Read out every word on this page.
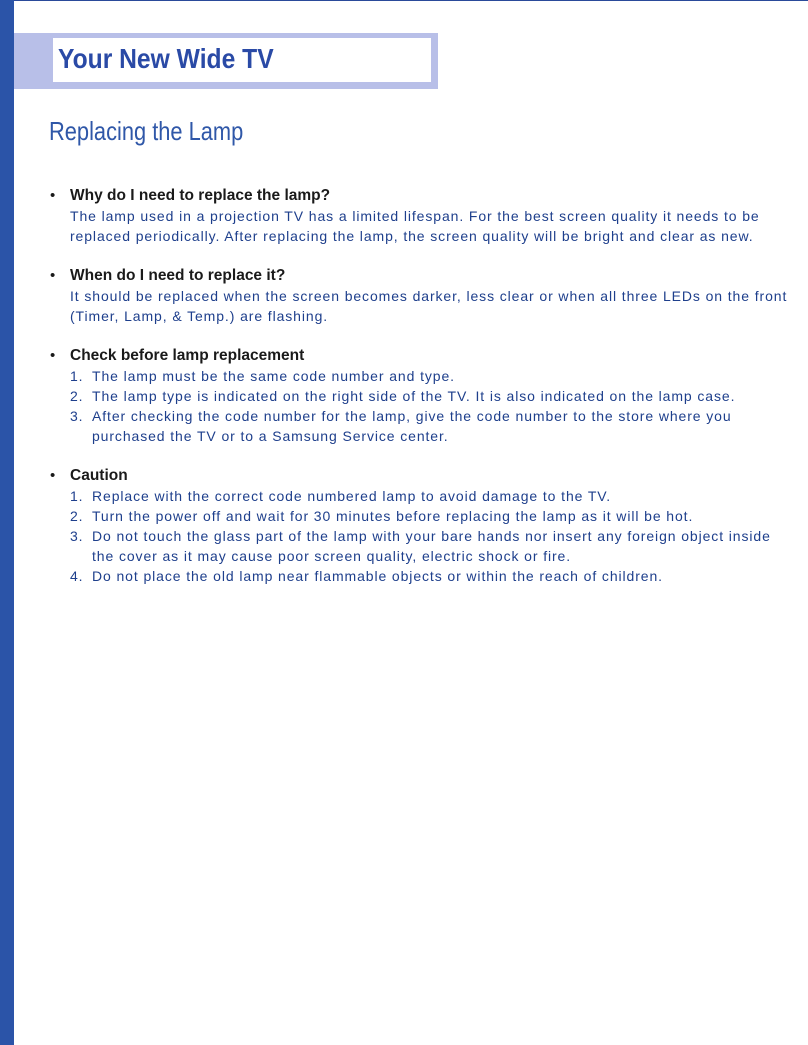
Your New Wide TV
Replacing the Lamp
• Why do I need to replace the lamp?

The lamp used in a projection TV has a limited lifespan. For the best screen quality it needs to be

replaced periodically. After replacing the lamp, the screen quality will be bright and clear as new.

• When do I need to replace it?

It should be replaced when the screen becomes darker, less clear or when all three LEDs on the front

(Timer, Lamp, & Temp.) are flashing.

• Check before lamp replacement
1. The lamp must be the same code number and type.
2. The lamp type is indicated on the right side of the TV. It is also indicated on the lamp case.
3. After checking the code number for the lamp, give the code number to the store where you
purchased the TV or to a Samsung Service center.
• Caution
1. Replace with the correct code numbered lamp to avoid damage to the TV.
2. Turn the power off and wait for 30 minutes before replacing the lamp as it will be hot.
3. Do not touch the glass part of the lamp with your bare hands nor insert any foreign object inside
the cover as it may cause poor screen quality, electric shock or fire.
4. Do not place the old lamp near flammable objects or within the reach of children.
